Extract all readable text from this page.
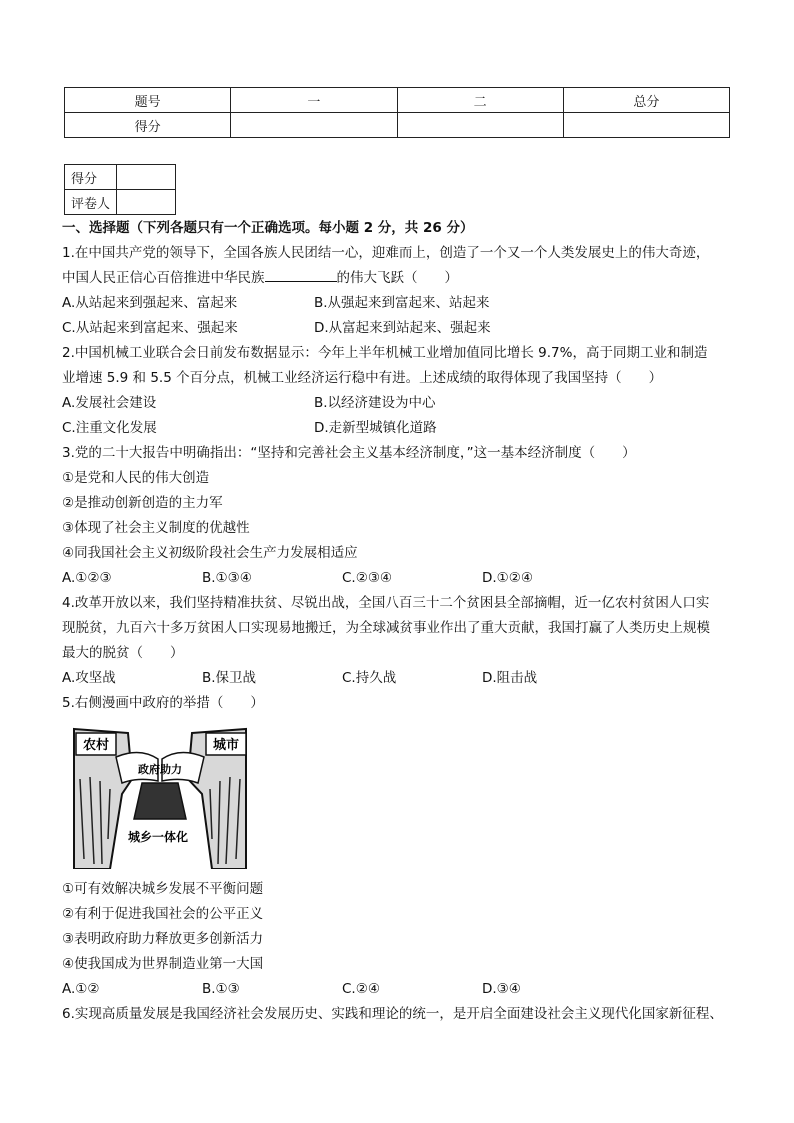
题号	一	二	总分
得分			
得分	
评卷人	
一、选择题（下列各题只有一个正确选项。每小题 2 分，共 26 分）
1.在中国共产党的领导下，全国各族人民团结一心，迎难而上，创造了一个又一个人类发展史上的伟大奇迹，
中国人民正信心百倍推进中华民族	的伟大飞跃（　　）
A.从站起来到强起来、富起来	B.从强起来到富起来、站起来
C.从站起来到富起来、强起来	D.从富起来到站起来、强起来
2.中国机械工业联合会日前发布数据显示：今年上半年机械工业增加值同比增长 9.7%，高于同期工业和制造
业增速 5.9 和 5.5 个百分点，机械工业经济运行稳中有进。上述成绩的取得体现了我国坚持（　　）
A.发展社会建设	B.以经济建设为中心
C.注重文化发展	D.走新型城镇化道路
3.党的二十大报告中明确指出：“坚持和完善社会主义基本经济制度，”这一基本经济制度（　　）
①是党和人民的伟大创造
②是推动创新创造的主力军
③体现了社会主义制度的优越性
④同我国社会主义初级阶段社会生产力发展相适应
A.①②③	B.①③④	C.②③④	D.①②④
4.改革开放以来，我们坚持精准扶贫、尽锐出战，全国八百三十二个贫困县全部摘帽，近一亿农村贫困人口实
现脱贫，九百六十多万贫困人口实现易地搬迁，为全球减贫事业作出了重大贡献，我国打赢了人类历史上规模
最大的脱贫（　　）
A.攻坚战	B.保卫战	C.持久战	D.阻击战
5.右侧漫画中政府的举措（　　）
农村	城市
政府助力
城乡一体化
①可有效解决城乡发展不平衡问题
②有利于促进我国社会的公平正义
③表明政府助力释放更多创新活力
④使我国成为世界制造业第一大国
A.①②	B.①③	C.②④	D.③④
6.实现高质量发展是我国经济社会发展历史、实践和理论的统一，是开启全面建设社会主义现代化国家新征程、
